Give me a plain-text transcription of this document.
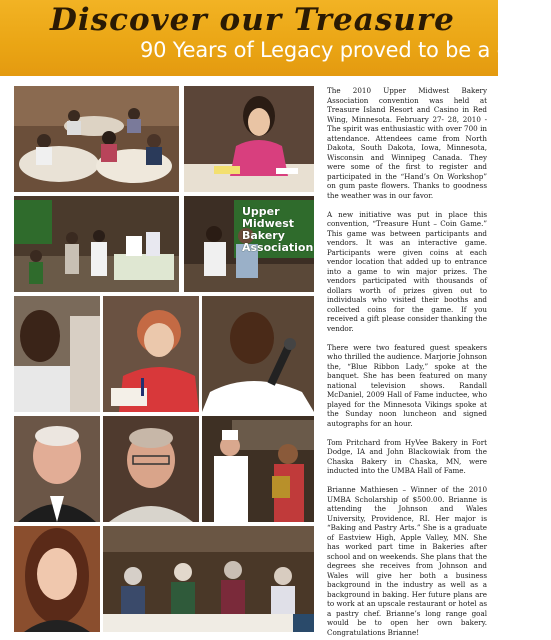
Discover our Treasure
90 Years of Legacy proved to be a great
Upper Midwest Bakery Association

The 2010 Upper Midwest Bakery Association convention was held at Treasure Island Resort and Casino in Red Wing, Minnesota. February 27- 28, 2010 - The spirit was enthusiastic with over 700 in attendance. Attendees came from North Dakota, South Dakota, Iowa, Minnesota, Wisconsin and Winnipeg Canada. They were some of the first to register and participated in the “Hand’s On Workshop” on gum paste flowers. Thanks to goodness the weather was in our favor.

A new initiative was put in place this convention, “Treasure Hunt – Coin Game.” This game was between participants and vendors. It was an interactive game. Participants were given coins at each vendor location that added up to entrance into a game to win major prizes. The vendors participated with thousands of dollars worth of prizes given out to individuals who visited their booths and collected coins for the game. If you received a gift please consider thanking the vendor.

There were two featured guest speakers who thrilled the audience. Marjorie Johnson the, “Blue Ribbon Lady,” spoke at the banquet. She has been featured on many national television shows. Randall McDaniel, 2009 Hall of Fame inductee, who played for the Minnesota Vikings spoke at the Sunday noon luncheon and signed autographs for an hour.

Tom Pritchard from HyVee Bakery in Fort Dodge, IA and John Blackowiak from the Chaska Bakery in Chaska, MN, were inducted into the UMBA Hall of Fame.

Brianne Mathiesen – Winner of the 2010 UMBA Scholarship of $500.00. Brianne is attending the Johnson and Wales University, Providence, RI. Her major is “Baking and Pastry Arts.” She is a graduate of Eastview High, Apple Valley, MN. She has worked part time in Bakeries after school and on weekends. She plans that the degrees she receives from Johnson and Wales will give her both a business background in the industry as well as a background in baking. Her future plans are to work at an upscale restaurant or hotel as a pastry chef. Brianne’s long range goal would be to open her own bakery. Congratulations Brianne!
